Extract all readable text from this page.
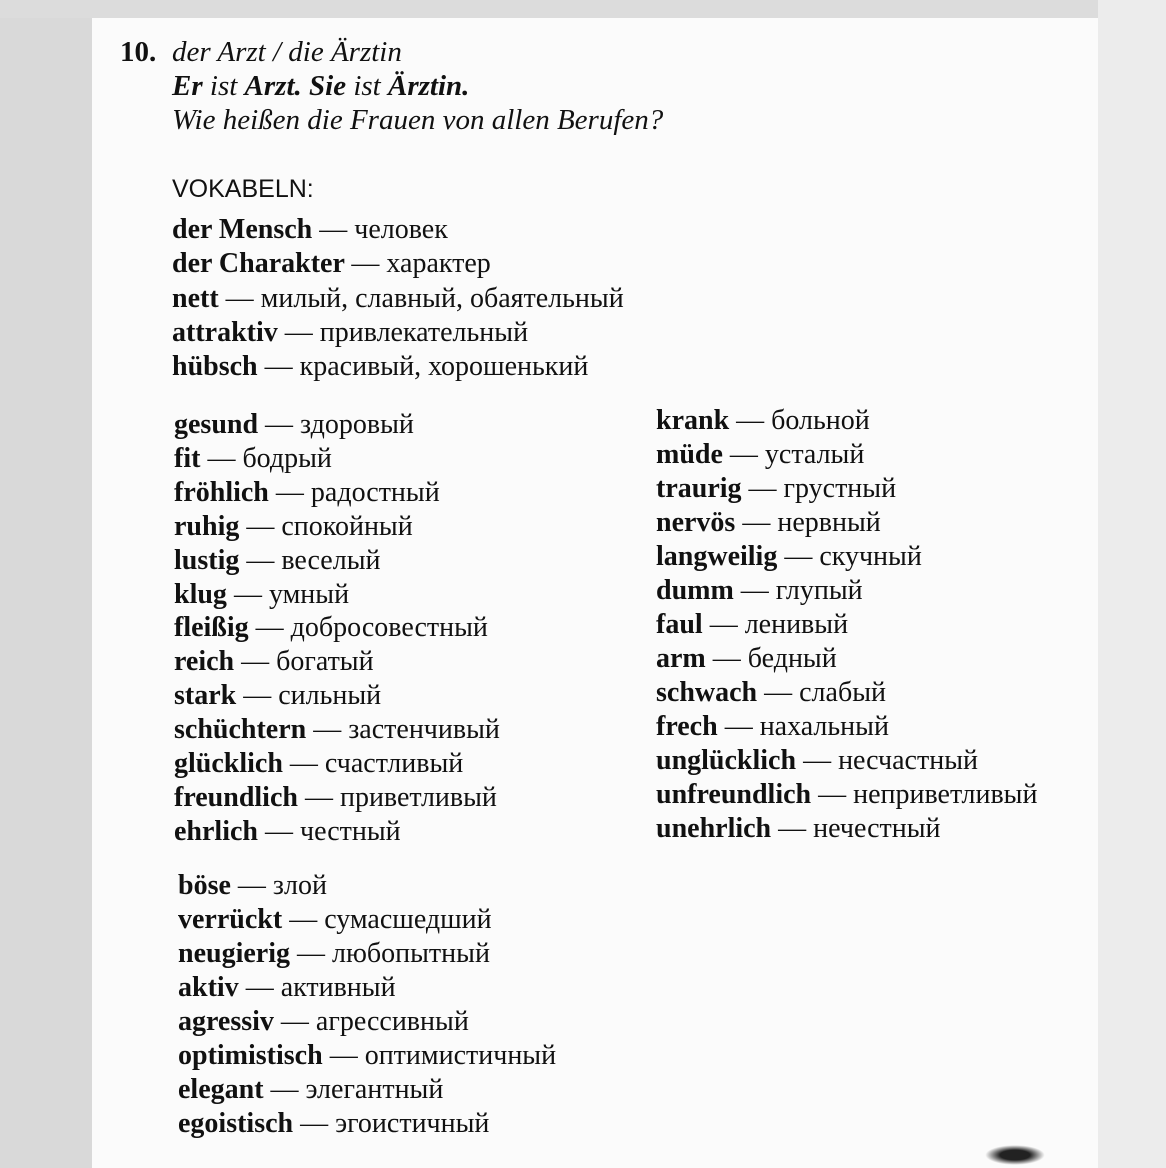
10. der Arzt / die Ärztin
Er ist Arzt. Sie ist Ärztin.
Wie heißen die Frauen von allen Berufen?
VOKABELN:
der Mensch — человек
der Charakter — характер
nett — милый, славный, обаятельный
attraktiv — привлекательный
hübsch — красивый, хорошенький
gesund — здоровый
fit — бодрый
fröhlich — радостный
ruhig — спокойный
lustig — веселый
klug — умный
fleißig — добросовестный
reich — богатый
stark — сильный
schüchtern — застенчивый
glücklich — счастливый
freundlich — приветливый
ehrlich — честный
krank — больной
müde — усталый
traurig — грустный
nervös — нервный
langweilig — скучный
dumm — глупый
faul — ленивый
arm — бедный
schwach — слабый
frech — нахальный
unglücklich — несчастный
unfreundlich — неприветливый
unehrlich — нечестный
böse — злой
verrückt — сумасшедший
neugierig — любопытный
aktiv — активный
agressiv — агрессивный
optimistisch — оптимистичный
elegant — элегантный
egoistisch — эгоистичный
